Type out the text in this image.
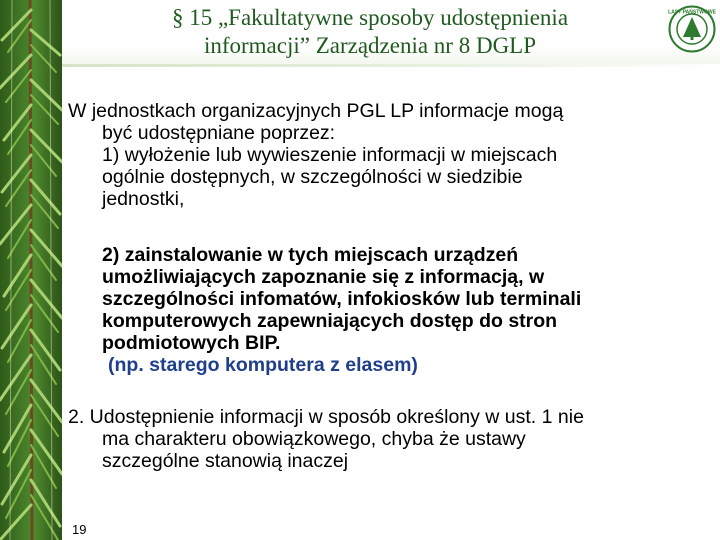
§ 15 „Fakultatywne sposoby udostępnienia
informacji” Zarządzenia nr 8 DGLP
LASY PAŃSTWOWE

W jednostkach organizacyjnych PGL LP informacje mogą
być udostępniane poprzez:

1) wyłożenie lub wywieszenie informacji w miejscach
ogólnie dostępnych, w szczególności w siedzibie
jednostki,

2) zainstalowanie w tych miejscach urządzeń
umożliwiających zapoznanie się z informacją, w
szczególności infomatów, infokiosków lub terminali
komputerowych zapewniających dostęp do stron
podmiotowych BIP.

(np. starego komputera z elasem)

2. Udostępnienie informacji w sposób określony w ust. 1 nie
ma charakteru obowiązkowego, chyba że ustawy
szczególne stanowią inaczej

19
